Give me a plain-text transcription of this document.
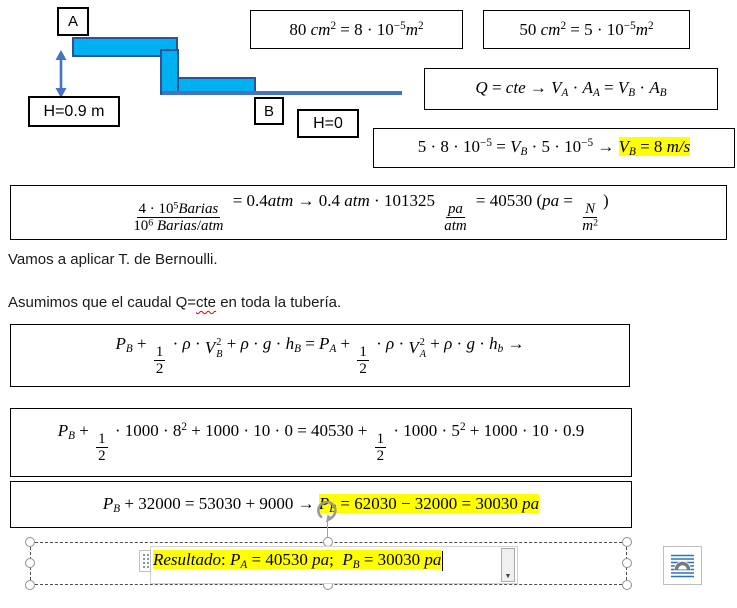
A
H=0.9 m	B
H=0
80 $cm^2 = 8 \cdot 10^{-5}m^2$	50 $cm^2 = 5 \cdot 10^{-5}m^2$
Q = cte → VA · AA = VB · AB
$5 \cdot 8 \cdot 10^{-5}$ = VB · $5 \cdot 10^{-5}$ → VB = 8 m/s
$\frac{4 \cdot 10^5Barias}{10^6 Barias/atm} = 0.4atm \to 0.4$ atm · $101325 \frac{pa}{\text{atm}} = 40530$ ($pa = \frac{N}{m^2}$ )
PB + $\frac{1}{2} \cdot \rho \cdot V$ 2
B
+ ρ · g · hB = PA + $\frac{1}{2} \cdot \rho \cdot V$ 2
A
+ ρ · g · hb →
PB + $\frac{1}{2} \cdot 1000 \cdot 8^2 + 1000 \cdot 10 \cdot 0 = 40530 + \frac{1}{2} \cdot 1000 \cdot 5^2 + 1000 \cdot 10 \cdot 0.9$
PB + 32000 = 53030 + 9000 → PB = 62030 − 32000 = 30030 pa

Vamos a aplicar T. de Bernoulli.

Asumimos que el caudal Q=cte en toda la tubería.

Resultado: PA = 40530 pa;  PB = 30030 pa
▼
